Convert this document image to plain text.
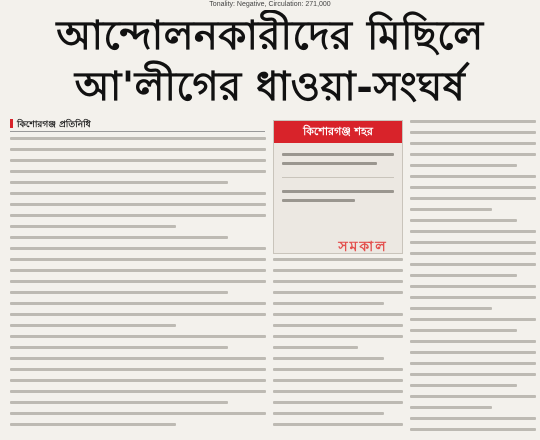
Tonality: Negative, Circulation: 271,000
আন্দোলনকারীদের মিছিলে
আ'লীগের ধাওয়া-সংঘর্ষ
কিশোরগঞ্জ প্রতিনিধি	কিশোরগঞ্জ শহর
সমকাল
